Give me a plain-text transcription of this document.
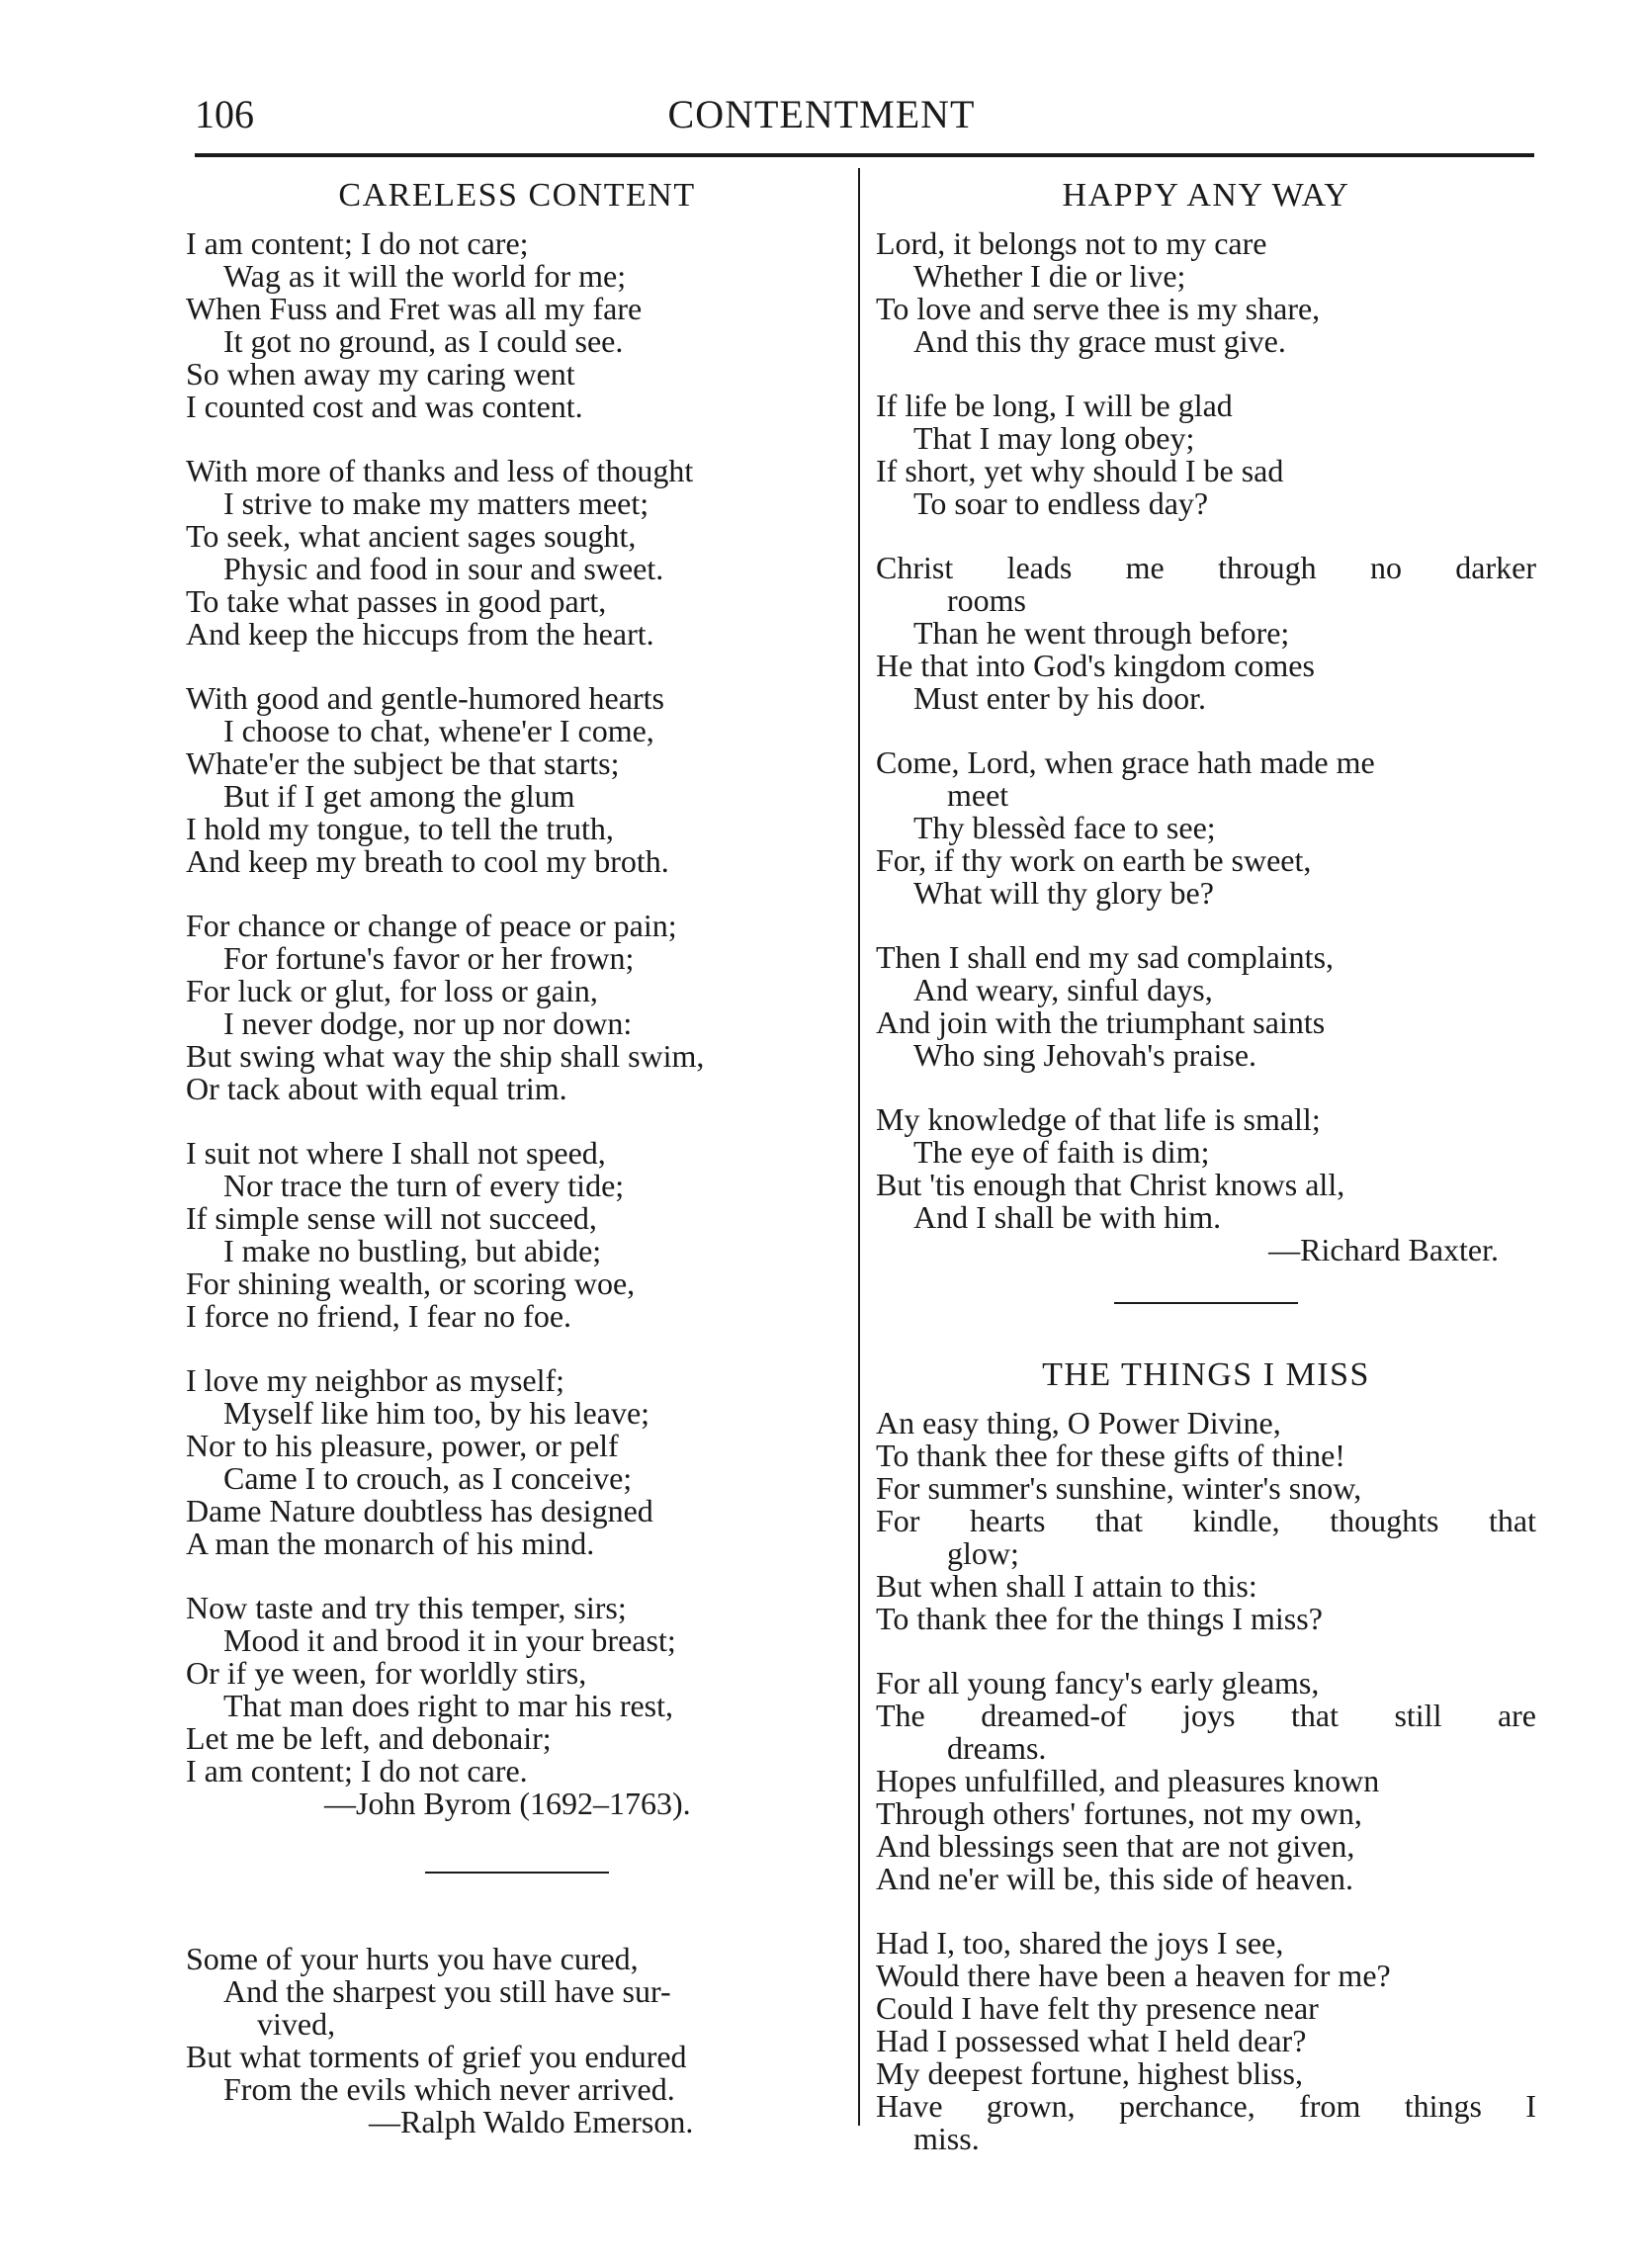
106	CONTENTMENT
CARELESS CONTENT
I am content; I do not care;
Wag as it will the world for me;
When Fuss and Fret was all my fare
It got no ground, as I could see.
So when away my caring went
I counted cost and was content.
With more of thanks and less of thought
I strive to make my matters meet;
To seek, what ancient sages sought,
Physic and food in sour and sweet.
To take what passes in good part,
And keep the hiccups from the heart.
With good and gentle-humored hearts
I choose to chat, whene'er I come,
Whate'er the subject be that starts;
But if I get among the glum
I hold my tongue, to tell the truth,
And keep my breath to cool my broth.
For chance or change of peace or pain;
For fortune's favor or her frown;
For luck or glut, for loss or gain,
I never dodge, nor up nor down:
But swing what way the ship shall swim,
Or tack about with equal trim.
I suit not where I shall not speed,
Nor trace the turn of every tide;
If simple sense will not succeed,
I make no bustling, but abide;
For shining wealth, or scoring woe,
I force no friend, I fear no foe.
I love my neighbor as myself;
Myself like him too, by his leave;
Nor to his pleasure, power, or pelf
Came I to crouch, as I conceive;
Dame Nature doubtless has designed
A man the monarch of his mind.
Now taste and try this temper, sirs;
Mood it and brood it in your breast;
Or if ye ween, for worldly stirs,
That man does right to mar his rest,
Let me be left, and debonair;
I am content; I do not care.
—John Byrom (1692–1763).
Some of your hurts you have cured,
And the sharpest you still have sur-
vived,
But what torments of grief you endured
From the evils which never arrived.
—Ralph Waldo Emerson.
HAPPY ANY WAY
Lord, it belongs not to my care
Whether I die or live;
To love and serve thee is my share,
And this thy grace must give.
If life be long, I will be glad
That I may long obey;
If short, yet why should I be sad
To soar to endless day?
Christ leads me through no darker
rooms
Than he went through before;
He that into God's kingdom comes
Must enter by his door.
Come, Lord, when grace hath made me
meet
Thy blessèd face to see;
For, if thy work on earth be sweet,
What will thy glory be?
Then I shall end my sad complaints,
And weary, sinful days,
And join with the triumphant saints
Who sing Jehovah's praise.
My knowledge of that life is small;
The eye of faith is dim;
But 'tis enough that Christ knows all,
And I shall be with him.
—Richard Baxter.
THE THINGS I MISS
An easy thing, O Power Divine,
To thank thee for these gifts of thine!
For summer's sunshine, winter's snow,
For hearts that kindle, thoughts that
glow;
But when shall I attain to this:
To thank thee for the things I miss?
For all young fancy's early gleams,
The dreamed-of joys that still are
dreams.
Hopes unfulfilled, and pleasures known
Through others' fortunes, not my own,
And blessings seen that are not given,
And ne'er will be, this side of heaven.
Had I, too, shared the joys I see,
Would there have been a heaven for me?
Could I have felt thy presence near
Had I possessed what I held dear?
My deepest fortune, highest bliss,
Have grown, perchance, from things I
miss.
